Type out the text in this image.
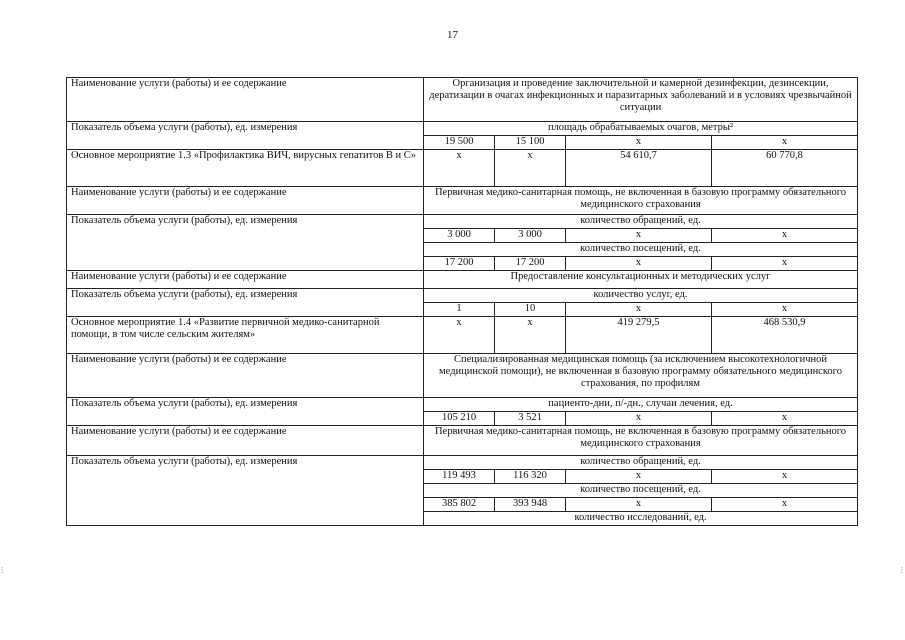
17
Наименование услуги (работы) и ее содержание	Организация и проведение заключительной и камерной дезинфекции, дезинсекции, дератизации в очагах инфекционных и паразитарных заболеваний и в условиях чрезвычайной ситуации			
Показатель объема услуги (работы), ед. измерения	площадь обрабатываемых очагов, метры²			
	19 500	15 100	х	х
Основное мероприятие 1.3 «Профилактика ВИЧ, вирусных гепатитов В и С»	х	х	54 610,7	60 770,8
Наименование услуги (работы) и ее содержание	Первичная медико-санитарная помощь, не включенная в базовую программу обязательного медицинского страхования			
Показатель объема услуги (работы), ед. измерения	количество обращений, ед.			
	3 000	3 000	х	х
	количество посещений, ед.			
	17 200	17 200	х	х
Наименование услуги (работы) и ее содержание	Предоставление консультационных и методических услуг			
Показатель объема услуги (работы), ед. измерения	количество услуг, ед.			
	1	10	х	х
Основное мероприятие 1.4 «Развитие первичной медико-санитарной помощи, в том числе сельским жителям»	х	х	419 279,5	468 530,9
Наименование услуги (работы) и ее содержание	Специализированная медицинская помощь (за исключением высокотехнологичной медицинской помощи), не включенная в базовую программу обязательного медицинского страхования, по профилям			
Показатель объема услуги (работы), ед. измерения	пациенто-дни, п/-дн., случаи лечения, ед.			
	105 210	3 521	х	х
Наименование услуги (работы) и ее содержание	Первичная медико-санитарная помощь, не включенная в базовую программу обязательного медицинского страхования			
Показатель объема услуги (работы), ед. измерения	количество обращений, ед.			
	119 493	116 320	х	х
	количество посещений, ед.			
	385 802	393 948	х	х
	количество исследований, ед.			
⁞	⁞
